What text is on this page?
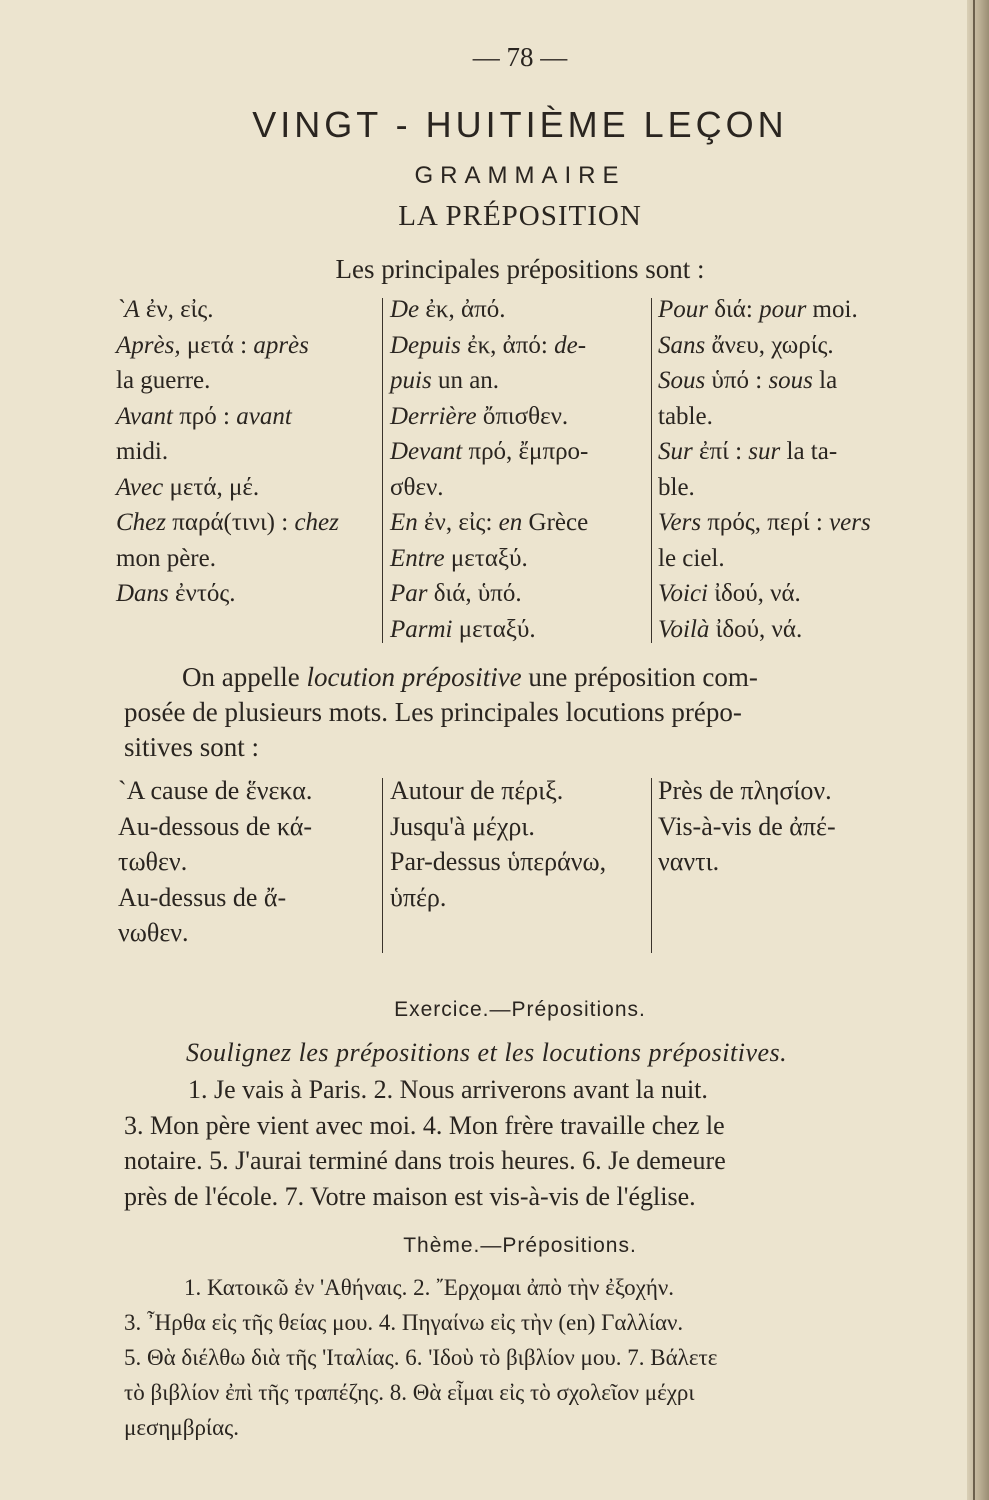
— 78 —
VINGT - HUITIÈME LEÇON
GRAMMAIRE
LA PRÉPOSITION
Les principales prépositions sont :
`A ἐν, εἰς.
Après, μετά : après
la guerre.
Avant πρό : avant
midi.
Avec μετά, μέ.
Chez παρά(τινι) : chez
mon père.
Dans ἐντός.
De ἐκ, ἀπό.
Depuis ἐκ, ἀπό: de-
puis un an.
Derrière ὄπισθεν.
Devant πρό, ἔμπρο-
σθεν.
En ἐν, εἰς: en Grèce
Entre μεταξύ.
Par διά, ὑπό.
Parmi μεταξύ.
Pour διά: pour moi.
Sans ἄνευ, χωρίς.
Sous ὑπό : sous la
table.
Sur ἐπί : sur la ta-
ble.
Vers πρός, περί : vers
le ciel.
Voici ἰδού, νά.
Voilà ἰδού, νά.
On appelle locution prépositive une préposition com-
posée de plusieurs mots. Les principales locutions prépo-
sitives sont :
`A cause de ἕνεκα.
Au-dessous de κά-
τωθεν.
Au-dessus de ἄ-
νωθεν.
Autour de πέριξ.
Jusqu'à μέχρι.
Par-dessus ὑπεράνω,
ὑπέρ.
Près de πλησίον.
Vis-à-vis de ἀπέ-
ναντι.
Exercice.—Prépositions.
Soulignez les prépositions et les locutions prépositives.
1. Je vais à Paris. 2. Nous arriverons avant la nuit.
3. Mon père vient avec moi. 4. Mon frère travaille chez le
notaire. 5. J'aurai terminé dans trois heures. 6. Je demeure
près de l'école. 7. Votre maison est vis-à-vis de l'église.
Thème.—Prépositions.
1. Κατοικῶ ἐν 'Αθήναις. 2. ῎Ερχομαι ἀπὸ τὴν ἐξοχήν.
3. ῏Ηρθα εἰς τῆς θείας μου. 4. Πηγαίνω εἰς τὴν (en) Γαλλίαν.
5. Θὰ διέλθω διὰ τῆς 'Ιταλίας. 6. 'Ιδοὺ τὸ βιβλίον μου. 7. Βάλετε
τὸ βιβλίον ἐπὶ τῆς τραπέζης. 8. Θὰ εἶμαι εἰς τὸ σχολεῖον μέχρι
μεσημβρίας.
